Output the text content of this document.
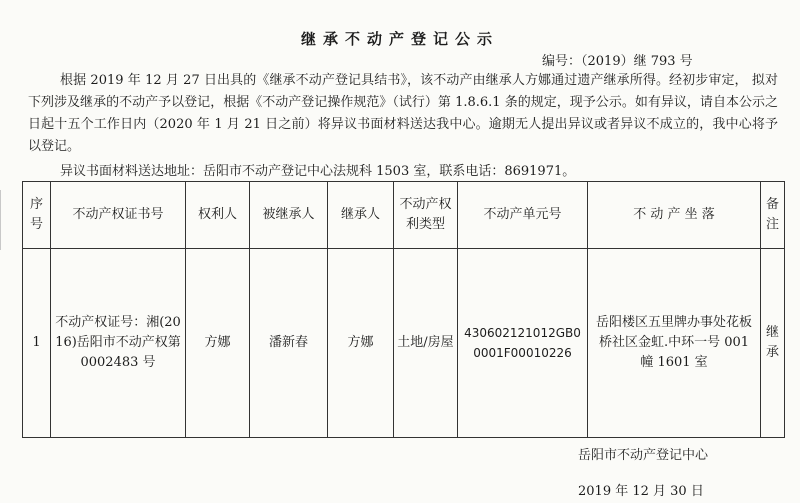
继承不动产登记公示
编号：（2019）继 793 号
根据 2019 年 12 月 27 日出具的《继承不动产登记具结书》，该不动产由继承人方娜通过遗产继承所得。经初步审定， 拟对下列涉及继承的不动产予以登记，根据《不动产登记操作规范》（试行）第 1.8.6.1 条的规定，现予公示。如有异议，请自本公示之日起十五个工作日内（2020 年 1 月 21 日之前）将异议书面材料送达我中心。逾期无人提出异议或者异议不成立的，我中心将予以登记。
异议书面材料送达地址：岳阳市不动产登记中心法规科 1503 室，联系电话：8691971。
序号	不动产权证书号	权利人	被继承人	继承人	不动产权利类型	不动产单元号	不 动 产 坐 落	备注
1	不动产权证号：湘(2016)岳阳市不动产权第 0002483 号	方娜	潘新春	方娜	土地/房屋	430602121012GB00001F00010226	岳阳楼区五里牌办事处花板桥社区金虹.中环一号 001 幢 1601 室	继承
岳阳市不动产登记中心
2019 年 12 月 30 日
